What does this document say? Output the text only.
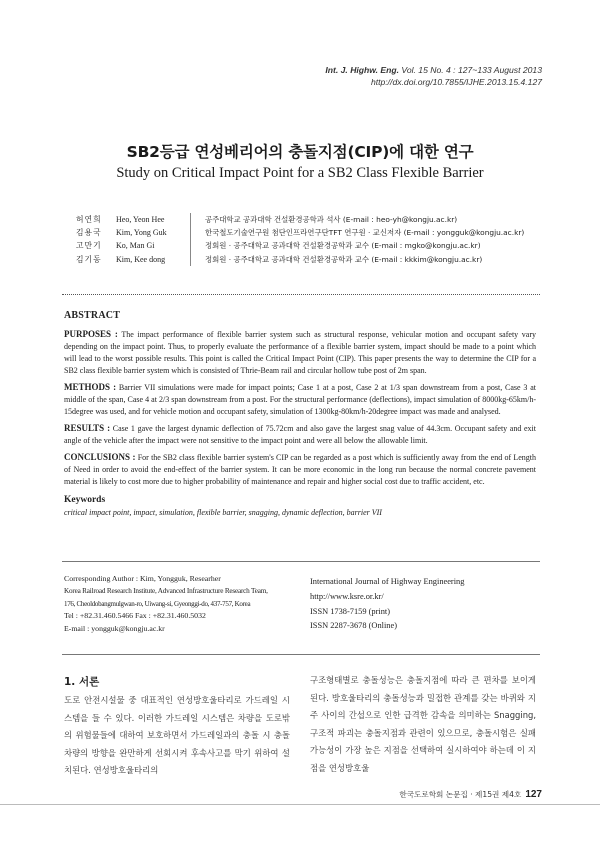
Int. J. Highw. Eng. Vol. 15 No. 4 : 127~133 August 2013
http://dx.doi.org/10.7855/IJHE.2013.15.4.127
SB2등급 연성베리어의 충돌지점(CIP)에 대한 연구
Study on Critical Impact Point for a SB2 Class Flexible Barrier
허연희	Heo, Yeon Hee	공주대학교 공과대학 건설환경공학과 석사 (E-mail : heo-yh@kongju.ac.kr)
김용국	Kim, Yong Guk	한국철도기술연구원 첨단인프라연구단TFT 연구원 · 교신저자 (E-mail : yongguk@kongju.ac.kr)
고만기	Ko, Man Gi	정회원 · 공주대학교 공과대학 건설환경공학과 교수 (E-mail : mgko@kongju.ac.kr)
김기동	Kim, Kee dong	정회원 · 공주대학교 공과대학 건설환경공학과 교수 (E-mail : kkkim@kongju.ac.kr)
ABSTRACT

PURPOSES : The impact performance of flexible barrier system such as structural response, vehicular motion and occupant safety vary depending on the impact point. Thus, to properly evaluate the performance of a flexible barrier system, impact should be made to a point which will lead to the worst possible results. This point is called the Critical Impact Point (CIP). This paper presents the way to determine the CIP for a SB2 class flexible barrier system which is consisted of Thrie-Beam rail and circular hollow tube post of 2m span.

METHODS : Barrier VII simulations were made for impact points; Case 1 at a post, Case 2 at 1/3 span downstream from a post, Case 3 at middle of the span, Case 4 at 2/3 span downstream from a post. For the structural performance (deflections), impact simulation of 8000kg-65km/h-15degree was used, and for vehicle motion and occupant safety, simulation of 1300kg-80km/h-20degree impact was made and analysed.

RESULTS : Case 1 gave the largest dynamic deflection of 75.72cm and also gave the largest snag value of 44.3cm. Occupant safety and exit angle of the vehicle after the impact were not sensitive to the impact point and were all below the allowable limit.

CONCLUSIONS : For the SB2 class flexible barrier system's CIP can be regarded as a post which is sufficiently away from the end of Length of Need in order to avoid the end-effect of the barrier system. It can be more economic in the long run because the normal concrete pavement material is likely to cost more due to higher probability of maintenance and repair and higher social cost due to traffic accident, etc.

Keywords
critical impact point, impact, simulation, flexible barrier, snagging, dynamic deflection, barrier VII
Corresponding Author : Kim, Yongguk, Researher
Korea Railroad Research Institute, Advanced Infrastructure Research Team,
176, Cheoldobangmulgwan-ro, Uiwang-si, Gyeonggi-do, 437-757, Korea
Tel : +82.31.460.5466 Fax : +82.31.460.5032
E-mail : yongguk@kongju.ac.kr
International Journal of Highway Engineering
http://www.ksre.or.kr/
ISSN 1738-7159 (print)
ISSN 2287-3678 (Online)
1. 서론
도로 안전시설물 중 대표적인 연성방호울타리로 가드레일 시스템을 들 수 있다. 이러한 가드레일 시스템은 차량을 도로밖의 위험물들에 대하여 보호하면서 가드레일과의 충돌 시 충돌차량의 방향을 완만하게 선회시켜 후속사고를 막기 위하여 설치된다. 연성방호울타리의
구조형태별로 충돌성능은 충돌지점에 따라 큰 편차를 보이게 된다. 방호울타리의 충돌성능과 밀접한 관계를 갖는 바퀴와 지주 사이의 간섭으로 인한 급격한 감속을 의미하는 Snagging, 구조적 파괴는 충돌지점과 관련이 있으므로, 충돌시험은 실패 가능성이 가장 높은 지점을 선택하여 실시하여야 하는데 이 지점을 연성방호울
한국도로학회 논문집 · 제15권 제4호 127
